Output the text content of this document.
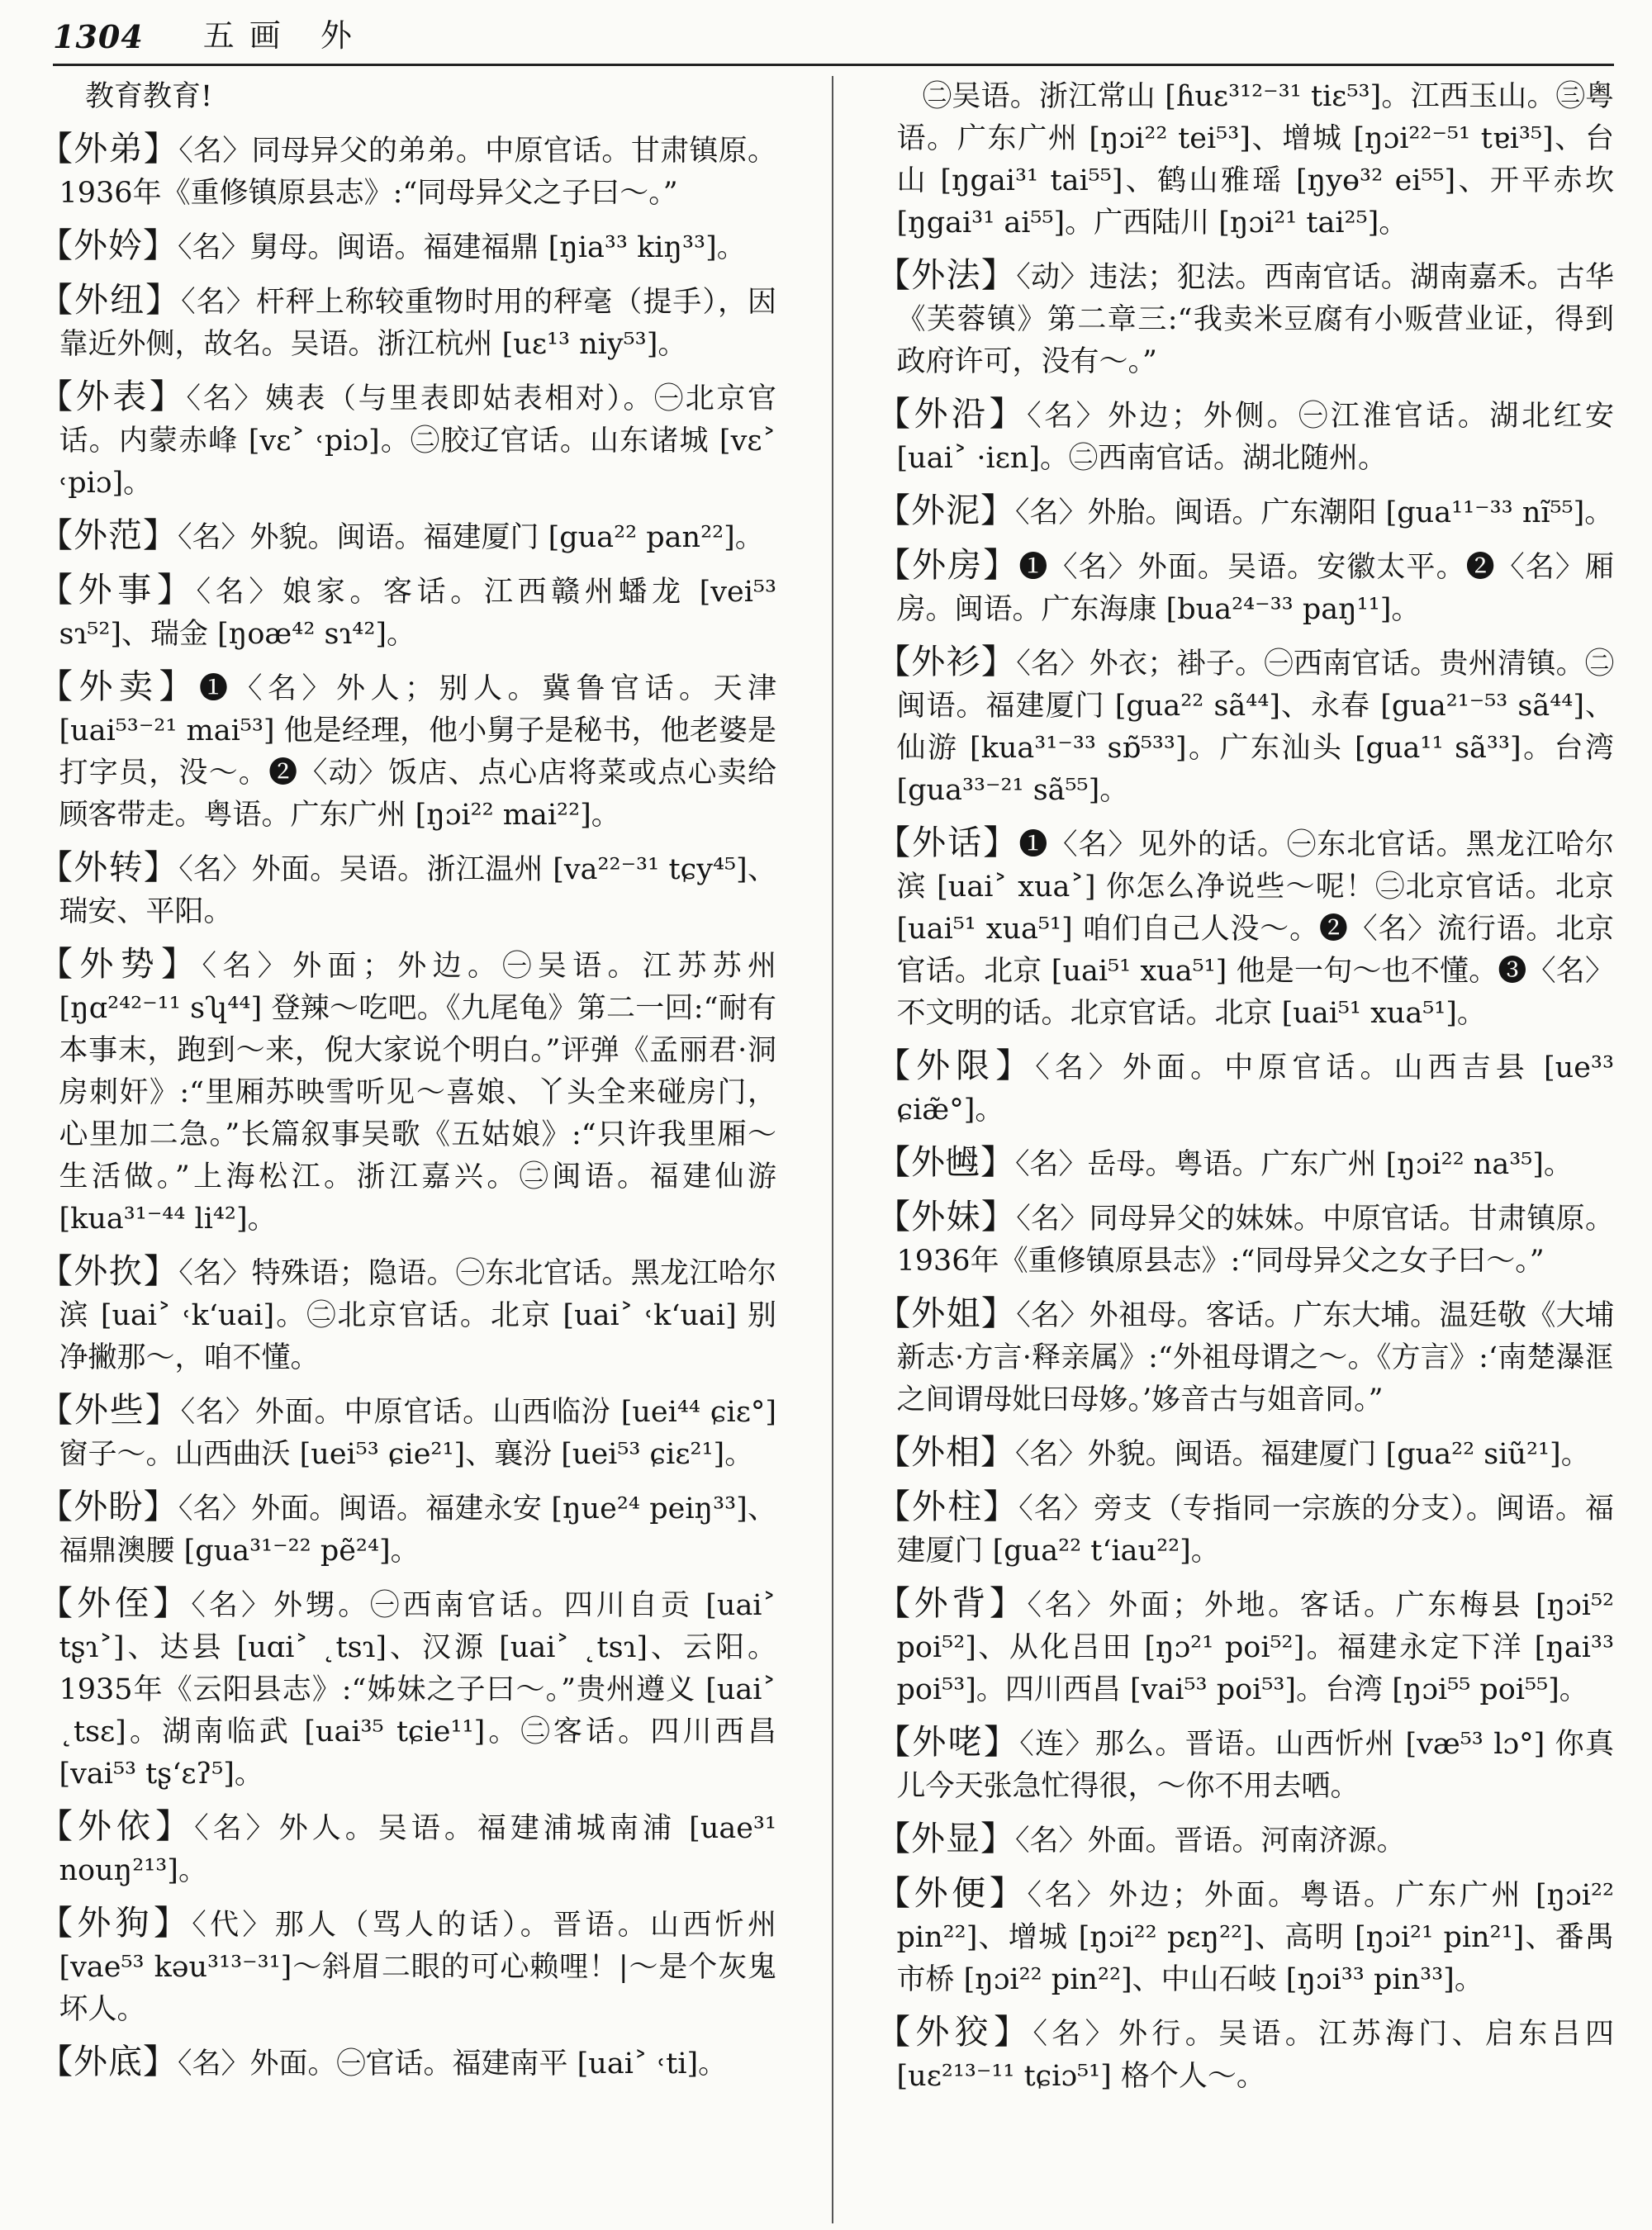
1304 五画 外

教育教育!

【外弟】〈名〉同母异父的弟弟。中原官话。甘肃镇原。1936年《重修镇原县志》:“同母异父之子曰～。”

【外妗】〈名〉舅母。闽语。福建福鼎 [ŋia³³ kiŋ³³]。

【外纽】〈名〉杆秤上称较重物时用的秤毫（提手），因靠近外侧，故名。吴语。浙江杭州 [uɛ¹³ niy⁵³]。

【外表】〈名〉姨表（与里表即姑表相对）。㊀北京官话。内蒙赤峰 [vɛ˃ ˓piɔ]。㊁胶辽官话。山东诸城 [vɛ˃ ˓piɔ]。

【外范】〈名〉外貌。闽语。福建厦门 [gua²² pan²²]。

【外事】〈名〉娘家。客话。江西赣州蟠龙 [vei⁵³ sɿ⁵²]、瑞金 [ŋoæ⁴² sɿ⁴²]。

【外卖】❶〈名〉外人；别人。冀鲁官话。天津 [uai⁵³⁻²¹ mai⁵³] 他是经理，他小舅子是秘书，他老婆是打字员，没～。❷〈动〉饭店、点心店将菜或点心卖给顾客带走。粤语。广东广州 [ŋɔi²² mai²²]。

【外转】〈名〉外面。吴语。浙江温州 [va²²⁻³¹ tɕy⁴⁵]、瑞安、平阳。

【外势】〈名〉外面；外边。㊀吴语。江苏苏州 [ŋɑ²⁴²⁻¹¹ sʮ⁴⁴] 登辣～吃吧。《九尾龟》第二一回:“耐有本事末，跑到～来，倪大家说个明白。”评弹《孟丽君·洞房刺奸》:“里厢苏映雪听见～喜娘、丫头全来碰房门，心里加二急。”长篇叙事吴歌《五姑娘》:“只许我里厢～生活做。”上海松江。浙江嘉兴。㊁闽语。福建仙游 [kua³¹⁻⁴⁴ li⁴²]。

【外扻】〈名〉特殊语；隐语。㊀东北官话。黑龙江哈尔滨 [uai˃ ˓k‘uai]。㊁北京官话。北京 [uai˃ ˓k‘uai] 别净撇那～，咱不懂。

【外些】〈名〉外面。中原官话。山西临汾 [uei⁴⁴ ɕiɛ°] 窗子～。山西曲沃 [uei⁵³ ɕie²¹]、襄汾 [uei⁵³ ɕiɛ²¹]。

【外盼】〈名〉外面。闽语。福建永安 [ŋue²⁴ peiŋ³³]、福鼎澳腰 [gua³¹⁻²² pẽ²⁴]。

【外侄】〈名〉外甥。㊀西南官话。四川自贡 [uai˃ tʂɿ˃]、达县 [uɑi˃ ˛tsɿ]、汉源 [uai˃ ˛tsɿ]、云阳。1935年《云阳县志》:“姊妹之子曰～。”贵州遵义 [uai˃ ˛tsɛ]。湖南临武 [uai³⁵ tɕie¹¹]。㊁客话。四川西昌 [vai⁵³ tʂ‘ɛʔ⁵]。

【外依】〈名〉外人。吴语。福建浦城南浦 [uae³¹ nouŋ²¹³]。

【外狗】〈代〉那人（骂人的话）。晋语。山西忻州 [vae⁵³ kəu³¹³⁻³¹]～斜眉二眼的可心赖哩！|～是个灰鬼坏人。

【外底】〈名〉外面。㊀官话。福建南平 [uai˃ ˓ti]。

㊁吴语。浙江常山 [ɦuɛ³¹²⁻³¹ tiɛ⁵³]。江西玉山。㊂粤语。广东广州 [ŋɔi²² tei⁵³]、增城 [ŋɔi²²⁻⁵¹ tɐi³⁵]、台山 [ŋgai³¹ tai⁵⁵]、鹤山雅瑶 [ŋyɵ³² ei⁵⁵]、开平赤坎 [ŋgai³¹ ai⁵⁵]。广西陆川 [ŋɔi²¹ tai²⁵]。

【外法】〈动〉违法；犯法。西南官话。湖南嘉禾。古华《芙蓉镇》第二章三:“我卖米豆腐有小贩营业证，得到政府许可，没有～。”

【外沿】〈名〉外边；外侧。㊀江淮官话。湖北红安 [uai˃ ·iɛn]。㊁西南官话。湖北随州。

【外泥】〈名〉外胎。闽语。广东潮阳 [gua¹¹⁻³³ nĩ⁵⁵]。

【外房】❶〈名〉外面。吴语。安徽太平。❷〈名〉厢房。闽语。广东海康 [bua²⁴⁻³³ paŋ¹¹]。

【外衫】〈名〉外衣；褂子。㊀西南官话。贵州清镇。㊁闽语。福建厦门 [gua²² sã⁴⁴]、永春 [gua²¹⁻⁵³ sã⁴⁴]、仙游 [kua³¹⁻³³ sɒ̃⁵³³]。广东汕头 [gua¹¹ sã³³]。台湾 [gua³³⁻²¹ sã⁵⁵]。

【外话】❶〈名〉见外的话。㊀东北官话。黑龙江哈尔滨 [uai˃ xua˃] 你怎么净说些～呢！㊁北京官话。北京 [uai⁵¹ xua⁵¹] 咱们自己人没～。❷〈名〉流行语。北京官话。北京 [uai⁵¹ xua⁵¹] 他是一句～也不懂。❸〈名〉不文明的话。北京官话。北京 [uai⁵¹ xua⁵¹]。

【外限】〈名〉外面。中原官话。山西吉县 [ue³³ ɕiæ̃°]。

【外乸】〈名〉岳母。粤语。广东广州 [ŋɔi²² na³⁵]。

【外妹】〈名〉同母异父的妹妹。中原官话。甘肃镇原。1936年《重修镇原县志》:“同母异父之女子曰～。”

【外姐】〈名〉外祖母。客话。广东大埔。温廷敬《大埔新志·方言·释亲属》:“外祖母谓之～。《方言》:‘南楚瀑洭之间谓母妣曰母姼。’姼音古与姐音同。”

【外相】〈名〉外貌。闽语。福建厦门 [gua²² siũ²¹]。

【外柱】〈名〉旁支（专指同一宗族的分支）。闽语。福建厦门 [gua²² t‘iau²²]。

【外背】〈名〉外面；外地。客话。广东梅县 [ŋɔi⁵² poi⁵²]、从化吕田 [ŋɔ²¹ poi⁵²]。福建永定下洋 [ŋai³³ poi⁵³]。四川西昌 [vai⁵³ poi⁵³]。台湾 [ŋɔi⁵⁵ poi⁵⁵]。

【外咾】〈连〉那么。晋语。山西忻州 [væ⁵³ lɔ°] 你真儿今天张急忙得很，～你不用去哂。

【外显】〈名〉外面。晋语。河南济源。

【外便】〈名〉外边；外面。粤语。广东广州 [ŋɔi²² pin²²]、增城 [ŋɔi²² pɛŋ²²]、高明 [ŋɔi²¹ pin²¹]、番禺市桥 [ŋɔi²² pin²²]、中山石岐 [ŋɔi³³ pin³³]。

【外狡】〈名〉外行。吴语。江苏海门、启东吕四 [uɛ²¹³⁻¹¹ tɕiɔ⁵¹] 格个人～。
